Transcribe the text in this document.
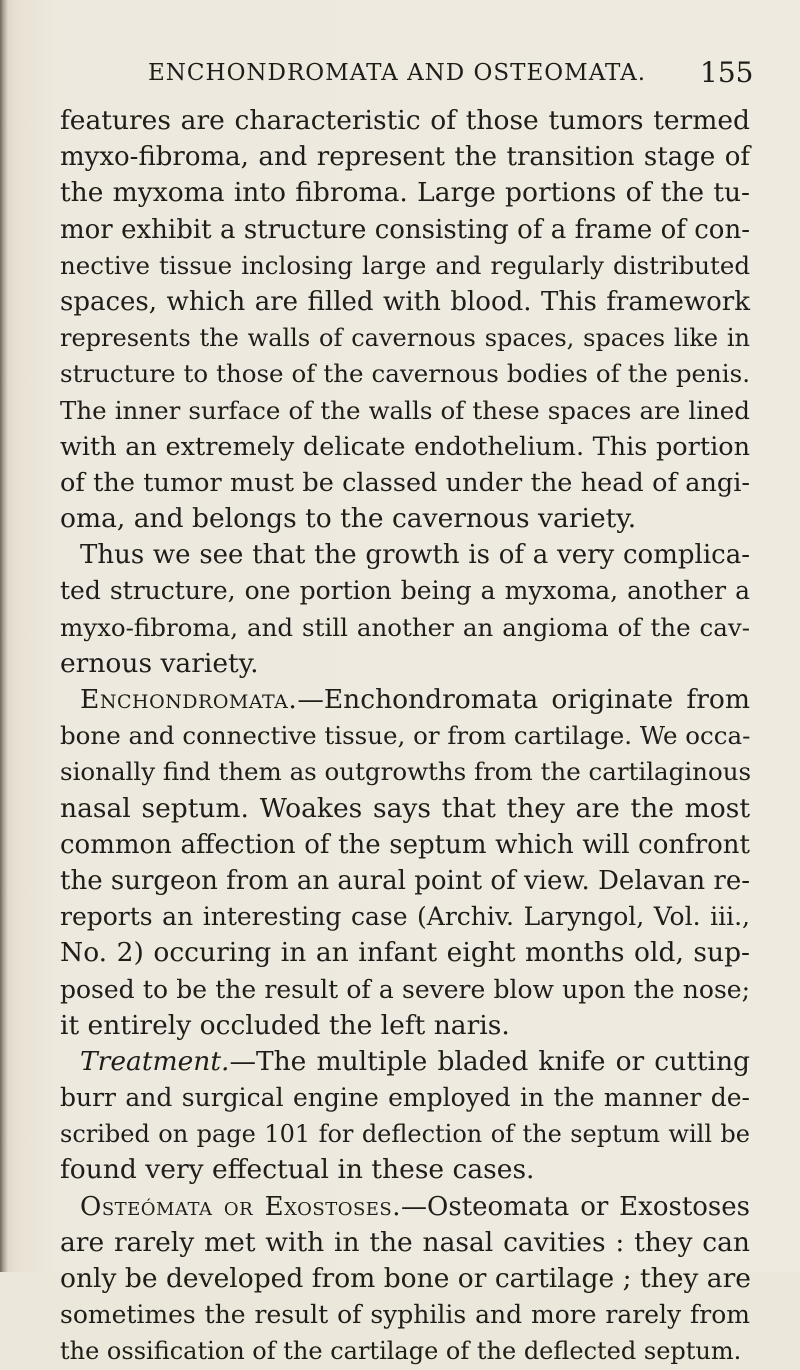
ENCHONDROMATA AND OSTEOMATA. 155
features are characteristic of those tumors termed
myxo-fibroma, and represent the transition stage of
the myxoma into fibroma. Large portions of the tu-
mor exhibit a structure consisting of a frame of con-
nective tissue inclosing large and regularly distributed
spaces, which are filled with blood. This framework
represents the walls of cavernous spaces, spaces like in
structure to those of the cavernous bodies of the penis.
The inner surface of the walls of these spaces are lined
with an extremely delicate endothelium. This portion
of the tumor must be classed under the head of angi-
oma, and belongs to the cavernous variety.
Thus we see that the growth is of a very complica-
ted structure, one portion being a myxoma, another a
myxo-fibroma, and still another an angioma of the cav-
ernous variety.
Enchondromata.—Enchondromata originate from
bone and connective tissue, or from cartilage. We occa-
sionally find them as outgrowths from the cartilaginous
nasal septum. Woakes says that they are the most
common affection of the septum which will confront
the surgeon from an aural point of view. Delavan re-
reports an interesting case (Archiv. Laryngol, Vol. iii.,
No. 2) occuring in an infant eight months old, sup-
posed to be the result of a severe blow upon the nose;
it entirely occluded the left naris.
Treatment.—The multiple bladed knife or cutting
burr and surgical engine employed in the manner de-
scribed on page 101 for deflection of the septum will be
found very effectual in these cases.
Osteómata or Exostoses.—Osteomata or Exostoses
are rarely met with in the nasal cavities : they can
only be developed from bone or cartilage ; they are
sometimes the result of syphilis and more rarely from
the ossification of the cartilage of the deflected septum.
